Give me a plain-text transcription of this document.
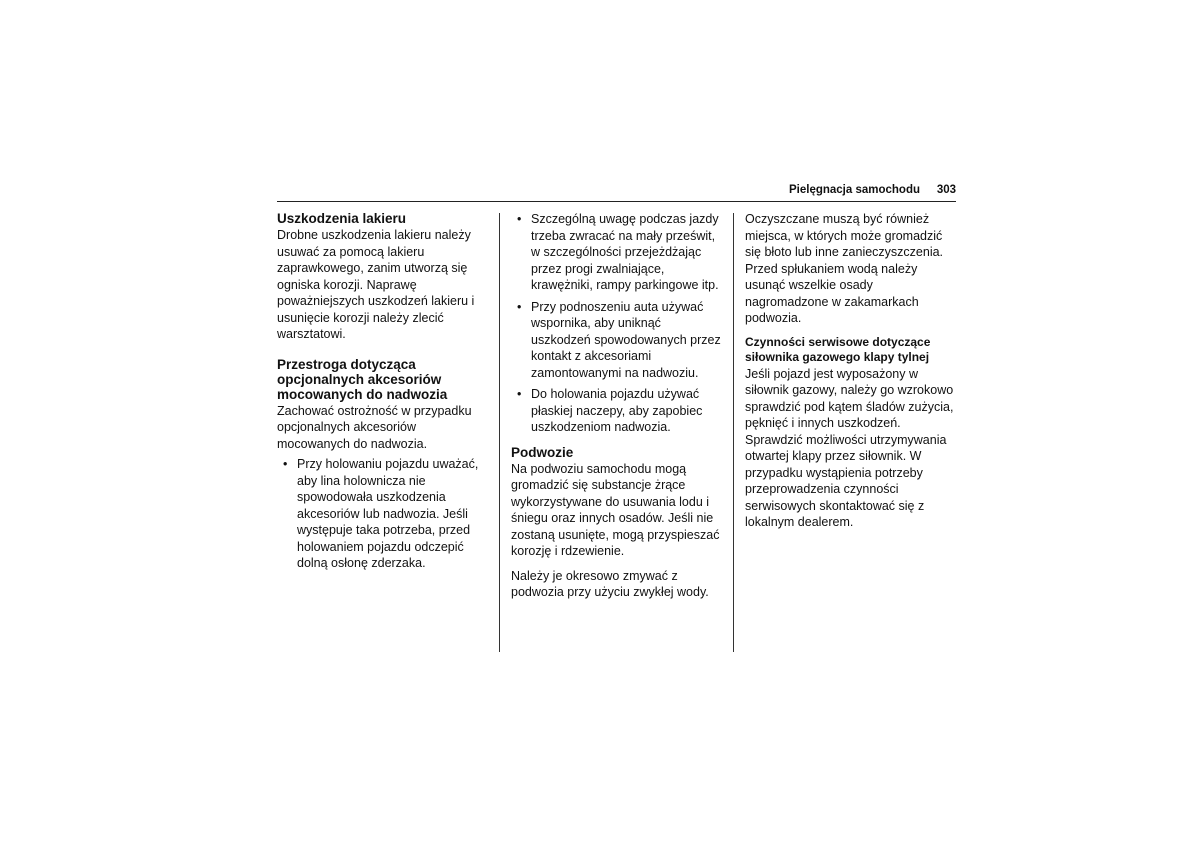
Pielęgnacja samochodu 303
Uszkodzenia lakieru

Drobne uszkodzenia lakieru należy usuwać za pomocą lakieru zaprawkowego, zanim utworzą się ogniska korozji. Naprawę poważniejszych uszkodzeń lakieru i usunięcie korozji należy zlecić warsztatowi.

Przestroga dotycząca opcjonalnych akcesoriów mocowanych do nadwozia

Zachować ostrożność w przypadku opcjonalnych akcesoriów mocowanych do nadwozia.

• Przy holowaniu pojazdu uważać, aby lina holownicza nie spowodowała uszkodzenia akcesoriów lub nadwozia. Jeśli występuje taka potrzeba, przed holowaniem pojazdu odczepić dolną osłonę zderzaka.
• Szczególną uwagę podczas jazdy trzeba zwracać na mały prześwit, w szczególności przejeżdżając przez progi zwalniające, krawężniki, rampy parkingowe itp.
• Przy podnoszeniu auta używać wspornika, aby uniknąć uszkodzeń spowodowanych przez kontakt z akcesoriami zamontowanymi na nadwoziu.
• Do holowania pojazdu używać płaskiej naczepy, aby zapobiec uszkodzeniom nadwozia.
Podwozie

Na podwoziu samochodu mogą gromadzić się substancje żrące wykorzystywane do usuwania lodu i śniegu oraz innych osadów. Jeśli nie zostaną usunięte, mogą przyspieszać korozję i rdzewienie.

Należy je okresowo zmywać z podwozia przy użyciu zwykłej wody.

Oczyszczane muszą być również miejsca, w których może gromadzić się błoto lub inne zanieczyszczenia. Przed spłukaniem wodą należy usunąć wszelkie osady nagromadzone w zakamarkach podwozia.

Czynności serwisowe dotyczące siłownika gazowego klapy tylnej

Jeśli pojazd jest wyposażony w siłownik gazowy, należy go wzrokowo sprawdzić pod kątem śladów zużycia, pęknięć i innych uszkodzeń. Sprawdzić możliwości utrzymywania otwartej klapy przez siłownik. W przypadku wystąpienia potrzeby przeprowadzenia czynności serwisowych skontaktować się z lokalnym dealerem.
